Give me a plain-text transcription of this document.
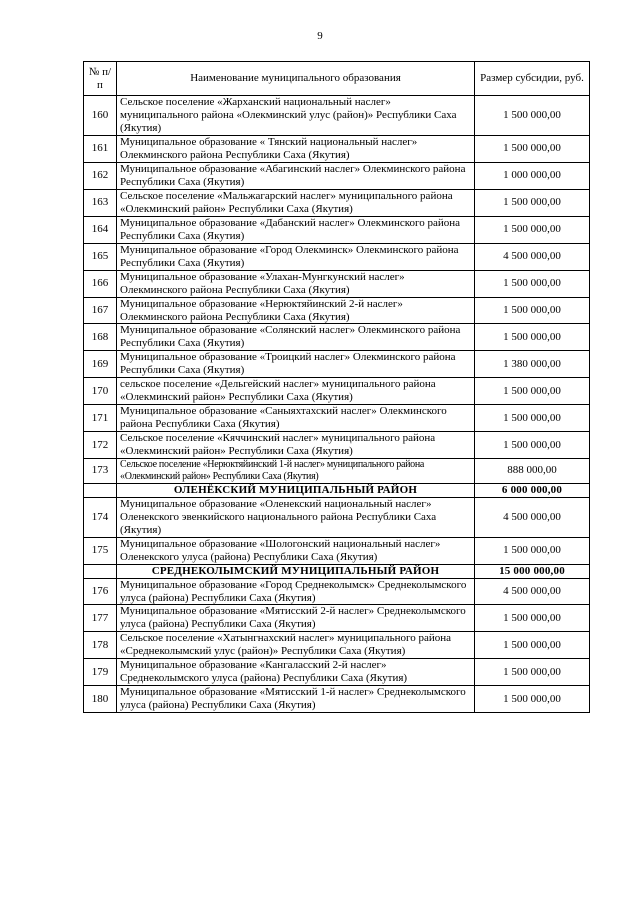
9
№ п/п	Наименование муниципального образования	Размер субсидии, руб.
160	Сельское поселение «Жарханский национальный наслег» муниципального района «Олекминский улус (район)» Республики Саха (Якутия)	1 500 000,00
161	Муниципальное образование « Тянский национальный наслег» Олекминского района Республики Саха (Якутия)	1 500 000,00
162	Муниципальное образование «Абагинский наслег» Олекминского района Республики Саха (Якутия)	1 000 000,00
163	Сельское поселение «Мальжагарский наслег» муниципального района «Олекминский район» Республики Саха (Якутия)	1 500 000,00
164	Муниципальное образование «Дабанский наслег» Олекминского района Республики Саха (Якутия)	1 500 000,00
165	Муниципальное образование «Город Олекминск» Олекминского района Республики Саха (Якутия)	4 500 000,00
166	Муниципальное образование «Улахан-Мунгкунский наслег» Олекминского района Республики Саха (Якутия)	1 500 000,00
167	Муниципальное образование «Нерюктяйинский 2-й наслег» Олекминского района Республики Саха (Якутия)	1 500 000,00
168	Муниципальное образование «Солянский наслег» Олекминского района Республики Саха (Якутия)	1 500 000,00
169	Муниципальное образование «Троицкий наслег» Олекминского района Республики Саха (Якутия)	1 380 000,00
170	сельское поселение «Дельгейский наслег» муниципального района «Олекминский район» Республики Саха (Якутия)	1 500 000,00
171	Муниципальное образование «Саныяхтахский наслег» Олекминского района Республики Саха (Якутия)	1 500 000,00
172	Сельское поселение «Кяччинский наслег» муниципального района «Олекминский район» Республики Саха (Якутия)	1 500 000,00
173	Сельское поселение «Нерюктяйинский 1-й наслег» муниципального района «Олекминский район» Республики Саха (Якутия)	888 000,00
	ОЛЕНЁКСКИЙ МУНИЦИПАЛЬНЫЙ РАЙОН	6 000 000,00
174	Муниципальное образование «Оленекский национальный наслег» Оленекского эвенкийского национального района Республики Саха (Якутия)	4 500 000,00
175	Муниципальное образование «Шологонский национальный наслег» Оленекского улуса (района) Республики Саха (Якутия)	1 500 000,00
	СРЕДНЕКОЛЫМСКИЙ МУНИЦИПАЛЬНЫЙ РАЙОН	15 000 000,00
176	Муниципальное образование «Город Среднеколымск» Среднеколымского улуса (района) Республики Саха (Якутия)	4 500 000,00
177	Муниципальное образование «Мятисский 2-й наслег» Среднеколымского улуса (района) Республики Саха (Якутия)	1 500 000,00
178	Сельское поселение «Хатынгнахский наслег» муниципального района «Среднеколымский улус (район)» Республики Саха (Якутия)	1 500 000,00
179	Муниципальное образование «Кангаласский 2-й наслег» Среднеколымского улуса (района) Республики Саха (Якутия)	1 500 000,00
180	Муниципальное образование «Мятисский 1-й наслег» Среднеколымского улуса (района) Республики Саха (Якутия)	1 500 000,00
